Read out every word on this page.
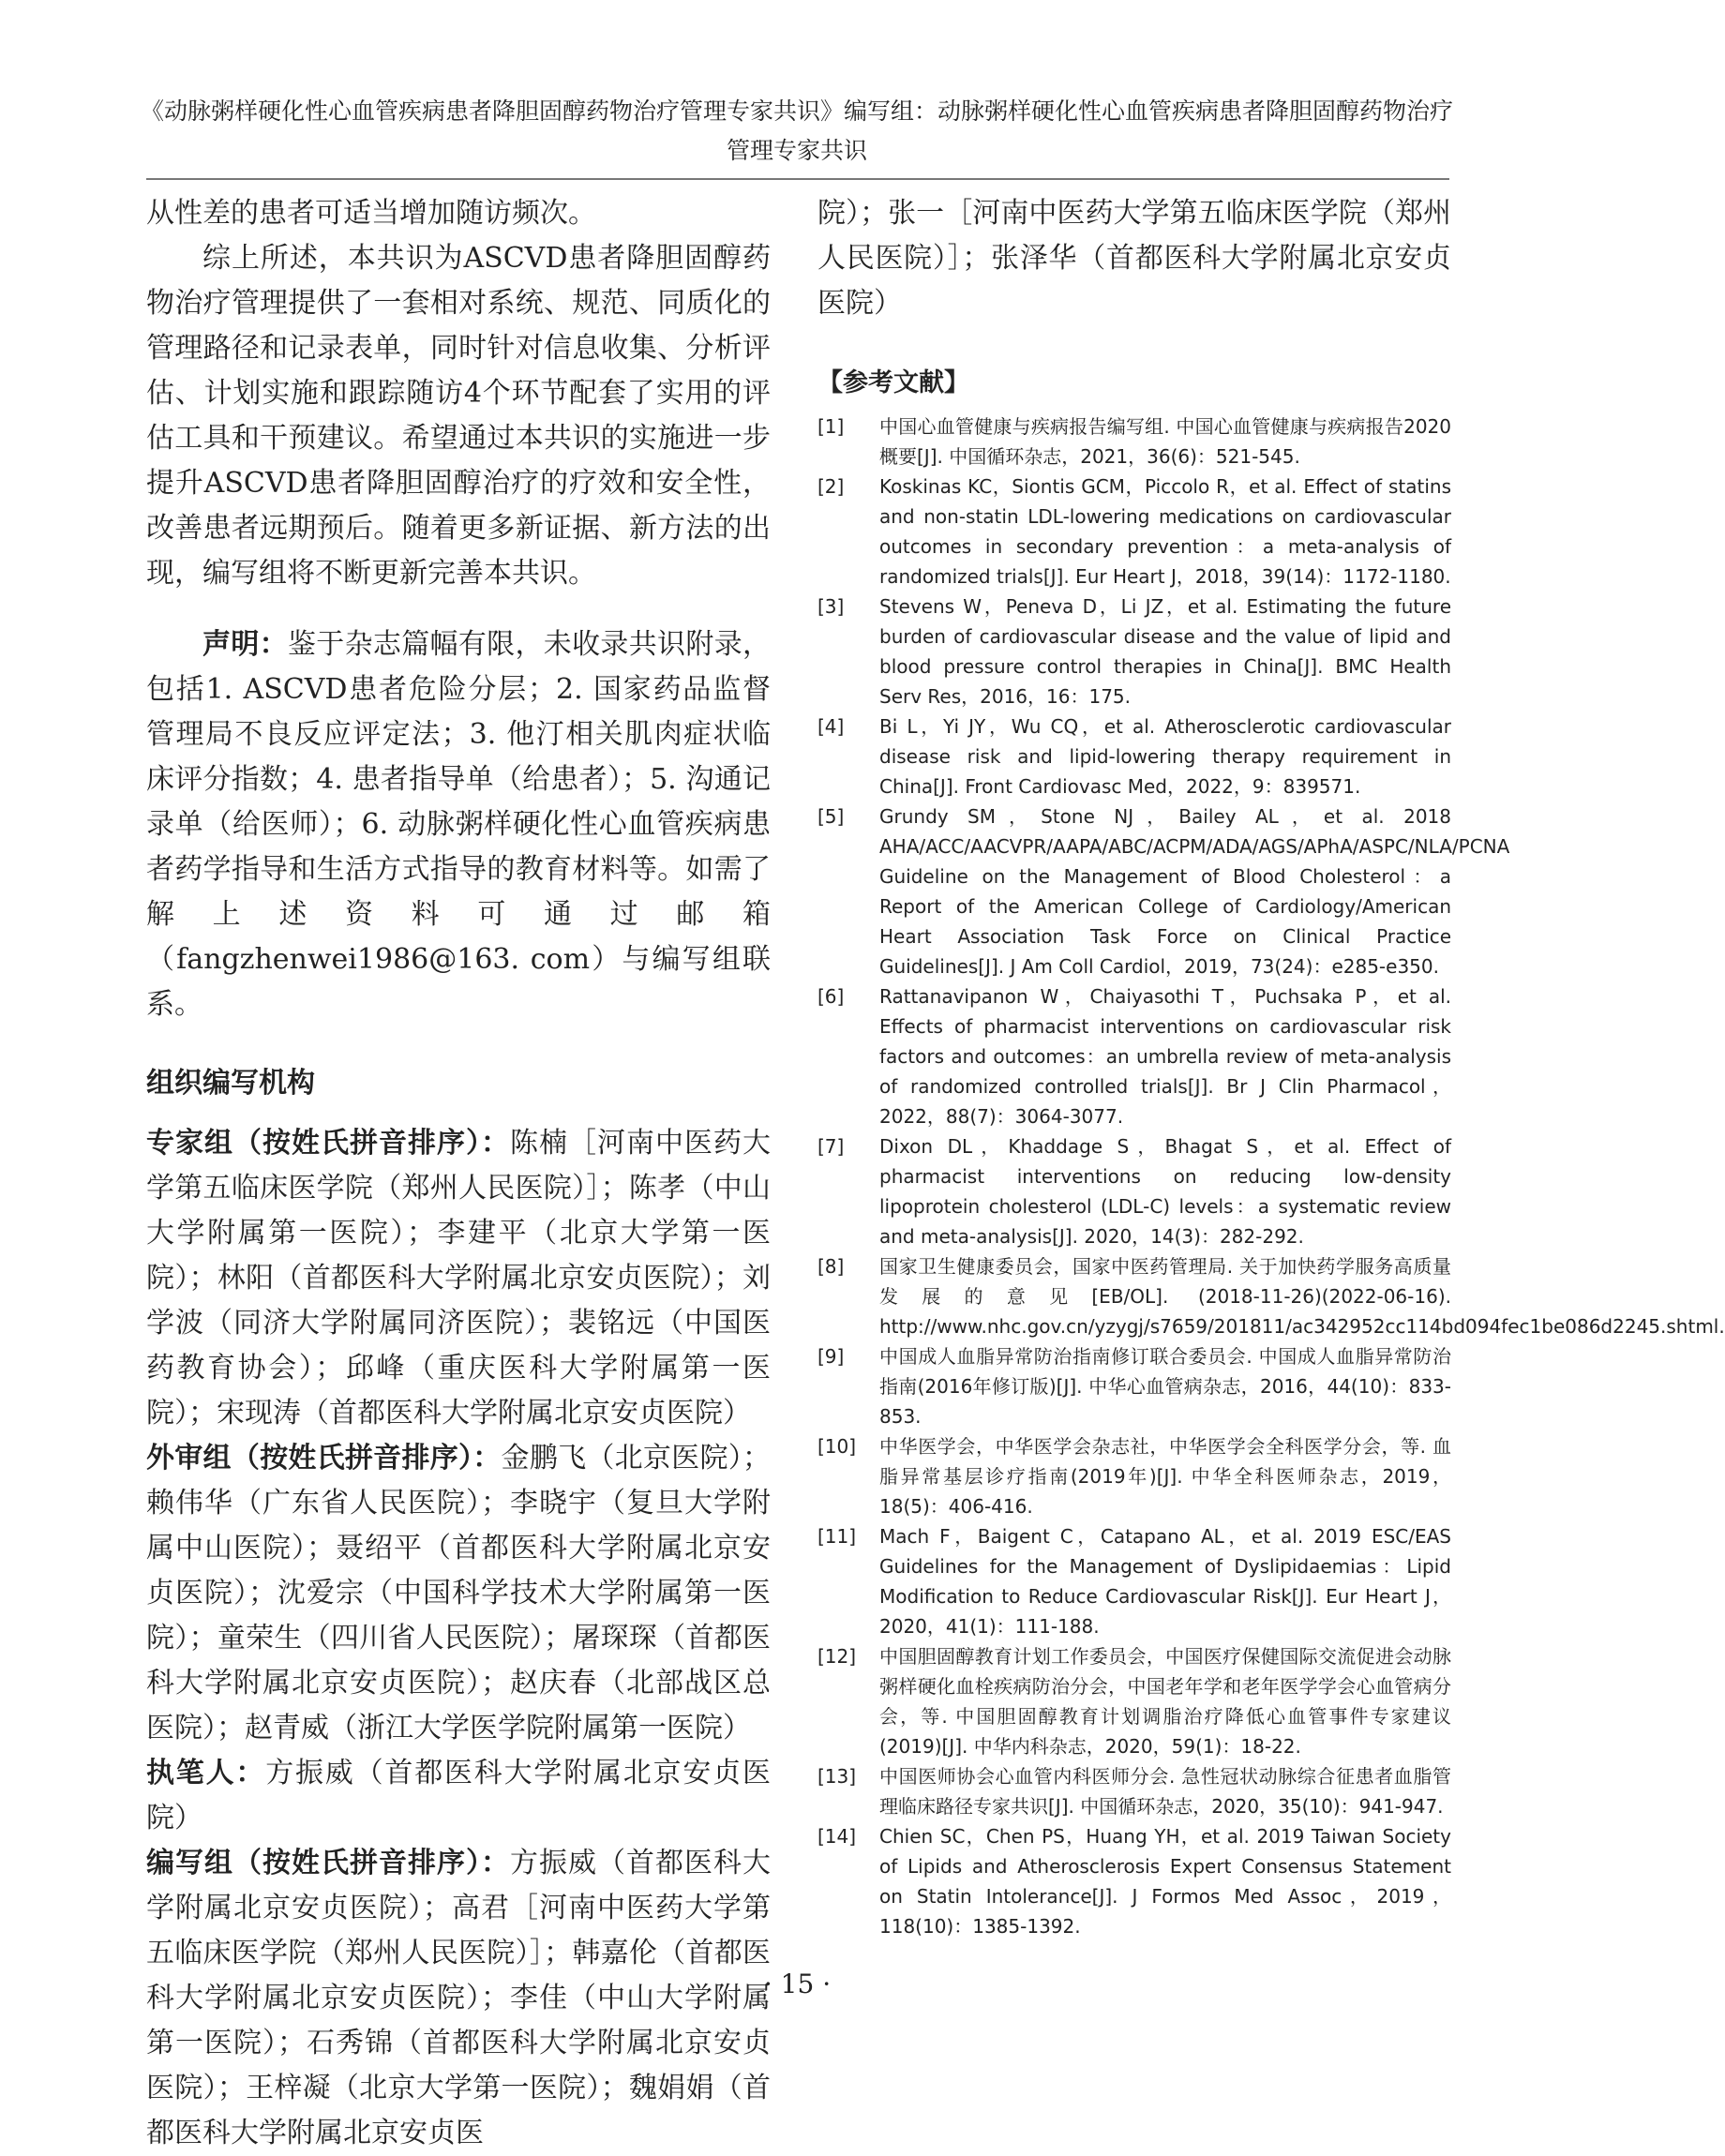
《动脉粥样硬化性心血管疾病患者降胆固醇药物治疗管理专家共识》编写组：动脉粥样硬化性心血管疾病患者降胆固醇药物治疗
管理专家共识

从性差的患者可适当增加随访频次。

综上所述，本共识为ASCVD患者降胆固醇药物治疗管理提供了一套相对系统、规范、同质化的管理路径和记录表单，同时针对信息收集、分析评估、计划实施和跟踪随访4个环节配套了实用的评估工具和干预建议。希望通过本共识的实施进一步提升ASCVD患者降胆固醇治疗的疗效和安全性，改善患者远期预后。随着更多新证据、新方法的出现，编写组将不断更新完善本共识。

声明：鉴于杂志篇幅有限，未收录共识附录，包括1. ASCVD患者危险分层；2. 国家药品监督管理局不良反应评定法；3. 他汀相关肌肉症状临床评分指数；4. 患者指导单（给患者）；5. 沟通记录单（给医师）；6. 动脉粥样硬化性心血管疾病患者药学指导和生活方式指导的教育材料等。如需了解上述资料可通过邮箱（fangzhenwei1986@163. com）与编写组联系。

组织编写机构

专家组（按姓氏拼音排序）：陈楠［河南中医药大学第五临床医学院（郑州人民医院）］；陈孝（中山大学附属第一医院）；李建平（北京大学第一医院）；林阳（首都医科大学附属北京安贞医院）；刘学波（同济大学附属同济医院）；裴铭远（中国医药教育协会）；邱峰（重庆医科大学附属第一医院）；宋现涛（首都医科大学附属北京安贞医院）

外审组（按姓氏拼音排序）：金鹏飞（北京医院）；赖伟华（广东省人民医院）；李晓宇（复旦大学附属中山医院）；聂绍平（首都医科大学附属北京安贞医院）；沈爱宗（中国科学技术大学附属第一医院）；童荣生（四川省人民医院）；屠琛琛（首都医科大学附属北京安贞医院）；赵庆春（北部战区总医院）；赵青威（浙江大学医学院附属第一医院）

执笔人：方振威（首都医科大学附属北京安贞医院）

编写组（按姓氏拼音排序）：方振威（首都医科大学附属北京安贞医院）；高君［河南中医药大学第五临床医学院（郑州人民医院）］；韩嘉伦（首都医科大学附属北京安贞医院）；李佳（中山大学附属第一医院）；石秀锦（首都医科大学附属北京安贞医院）；王梓凝（北京大学第一医院）；魏娟娟（首都医科大学附属北京安贞医

院）；张一［河南中医药大学第五临床医学院（郑州人民医院）］；张泽华（首都医科大学附属北京安贞医院）

【参考文献】
[1] 中国心血管健康与疾病报告编写组. 中国心血管健康与疾病报告2020概要[J]. 中国循环杂志，2021，36(6)：521-545.
[2] Koskinas KC，Siontis GCM，Piccolo R，et al. Effect of statins and non-statin LDL-lowering medications on cardiovascular outcomes in secondary prevention：a meta-analysis of randomized trials[J]. Eur Heart J，2018，39(14)：1172-1180.
[3] Stevens W，Peneva D，Li JZ，et al. Estimating the future burden of cardiovascular disease and the value of lipid and blood pressure control therapies in China[J]. BMC Health Serv Res，2016，16：175.
[4] Bi L，Yi JY，Wu CQ，et al. Atherosclerotic cardiovascular disease risk and lipid-lowering therapy requirement in China[J]. Front Cardiovasc Med，2022，9：839571.
[5] Grundy SM，Stone NJ，Bailey AL，et al. 2018 AHA/ACC/AACVPR/AAPA/ABC/ACPM/ADA/AGS/APhA/ASPC/NLA/PCNA Guideline on the Management of Blood Cholesterol：a Report of the American College of Cardiology/American Heart Association Task Force on Clinical Practice Guidelines[J]. J Am Coll Cardiol，2019，73(24)：e285-e350.
[6] Rattanavipanon W，Chaiyasothi T，Puchsaka P，et al. Effects of pharmacist interventions on cardiovascular risk factors and outcomes：an umbrella review of meta-analysis of randomized controlled trials[J]. Br J Clin Pharmacol，2022，88(7)：3064-3077.
[7] Dixon DL，Khaddage S，Bhagat S，et al. Effect of pharmacist interventions on reducing low-density lipoprotein cholesterol (LDL-C) levels：a systematic review and meta-analysis[J]. 2020，14(3)：282-292.
[8] 国家卫生健康委员会，国家中医药管理局. 关于加快药学服务高质量发展的意见[EB/OL]. (2018-11-26)(2022-06-16). http://www.nhc.gov.cn/yzygj/s7659/201811/ac342952cc114bd094fec1be086d2245.shtml.
[9] 中国成人血脂异常防治指南修订联合委员会. 中国成人血脂异常防治指南(2016年修订版)[J]. 中华心血管病杂志，2016，44(10)：833-853.
[10] 中华医学会，中华医学会杂志社，中华医学会全科医学分会，等. 血脂异常基层诊疗指南(2019年)[J]. 中华全科医师杂志，2019，18(5)：406-416.
[11] Mach F，Baigent C，Catapano AL，et al. 2019 ESC/EAS Guidelines for the Management of Dyslipidaemias：Lipid Modification to Reduce Cardiovascular Risk[J]. Eur Heart J，2020，41(1)：111-188.
[12] 中国胆固醇教育计划工作委员会，中国医疗保健国际交流促进会动脉粥样硬化血栓疾病防治分会，中国老年学和老年医学学会心血管病分会，等. 中国胆固醇教育计划调脂治疗降低心血管事件专家建议(2019)[J]. 中华内科杂志，2020，59(1)：18-22.
[13] 中国医师协会心血管内科医师分会. 急性冠状动脉综合征患者血脂管理临床路径专家共识[J]. 中国循环杂志，2020，35(10)：941-947.
[14] Chien SC，Chen PS，Huang YH，et al. 2019 Taiwan Society of Lipids and Atherosclerosis Expert Consensus Statement on Statin Intolerance[J]. J Formos Med Assoc，2019，118(10)：1385-1392.
· 15 ·
